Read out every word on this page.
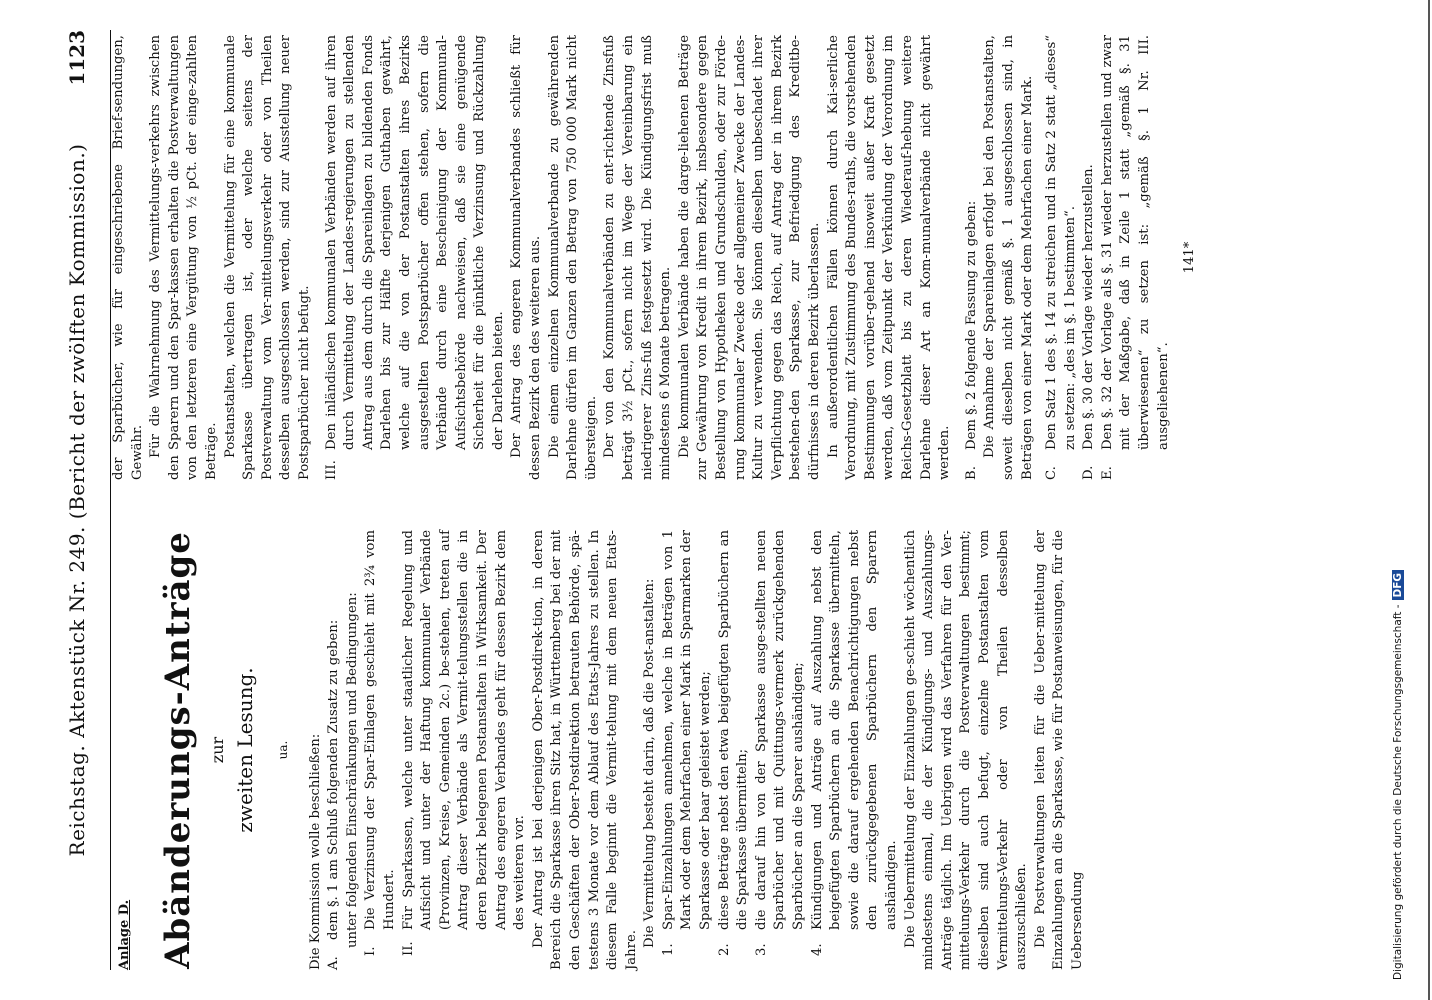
Reichstag. Aktenstück Nr. 249. (Bericht der zwölften Kommission.)
1123
Anlage D. Abänderungs-Anträge zur zweiten Lesung. ua. Die Kommission wolle beschließen: A.
dem §. 1 am Schluß folgenden Zusatz zu geben: unter folgenden Einschränkungen und Bedingungen:

I.
Die Verzinsung der Spar-Einlagen geschieht mit 2¾ vom Hundert.
II.
Für Sparkassen, welche unter staatlicher Regelung und Aufsicht und unter der Haftung kommunaler Verbände (Provinzen, Kreise, Gemeinden 2c.) be-stehen, treten auf Antrag dieser Verbände als Vermit-telungsstellen die in deren Bezirk belegenen Postanstalten in Wirksamkeit. Der Antrag des engeren Verbandes geht für dessen Bezirk dem des weiteren vor. Der Antrag ist bei derjenigen Ober-Postdirek-tion, in deren Bereich die Sparkasse ihren Sitz hat, in Württemberg bei der mit den Geschäften der Ober-Postdirektion betrauten Behörde, spä-testens 3 Monate vor dem Ablauf des Etats-Jahres zu stellen. In diesem Falle beginnt die Vermit-telung mit dem neuen Etats-Jahre.

Die Vermittelung besteht darin, daß die Post-anstalten:

1.
Spar-Einzahlungen annehmen, welche in Beträgen von 1 Mark oder dem Mehrfachen einer Mark in Sparmarken der Sparkasse oder baar geleistet werden;
2.
diese Beträge nebst den etwa beigefügten Sparbüchern an die Sparkasse übermitteln;
3.
die darauf hin von der Sparkasse ausge-stellten neuen Sparbücher und mit Quittungs-vermerk zurückgehenden Sparbücher an die Sparer aushändigen;
4.
Kündigungen und Anträge auf Auszahlung nebst den beigefügten Sparbüchern an die Sparkasse übermitteln, sowie die darauf ergehenden Benachrichtigungen nebst den zurückgegebenen Sparbüchern den Sparern aushändigen. Die Uebermittelung der Einzahlungen ge-schieht wöchentlich mindestens einmal, die der Kündigungs- und Auszahlungs-Anträge täglich. Im Uebrigen wird das Verfahren für den Ver-mittelungs-Verkehr durch die Postverwaltungen bestimmt; dieselben sind auch befugt, einzelne Postanstalten vom Vermittelungs-Verkehr oder von Theilen desselben auszuschließen. Die Postverwaltungen leiten für die Ueber-mittelung der Einzahlungen an die Sparkasse, wie für Postanweisungen, für die Uebersendung

der Sparbücher, wie für eingeschriebene Brief-sendungen, Gewähr. Für die Wahrnehmung des Vermittelungs-verkehrs zwischen den Sparern und den Spar-kassen erhalten die Postverwaltungen von den letzteren eine Vergütung von ½ pCt. der einge-zahlten Beträge. Postanstalten, welchen die Vermittelung für eine kommunale Sparkasse übertragen ist, oder welche seitens der Postverwaltung vom Ver-mittelungsverkehr oder von Theilen desselben ausgeschlossen werden, sind zur Ausstellung neuer Postsparbücher nicht befugt. III.
Den inländischen kommunalen Verbänden werden auf ihren durch Vermittelung der Landes-regierungen zu stellenden Antrag aus dem durch die Spareinlagen zu bildenden Fonds Darlehen bis zur Hälfte derjenigen Guthaben gewährt, welche auf die von der Postanstalten ihres Bezirks ausgestellten Postsparbücher offen stehen, sofern die Verbände durch eine Bescheinigung der Kommunal-Aufsichtsbehörde nachweisen, daß sie eine genügende Sicherheit für die pünktliche Verzinsung und Rückzahlung der Darlehen bieten. Der Antrag des engeren Kommunalverbandes schließt für dessen Bezirk den des weiteren aus. Die einem einzelnen Kommunalverbande zu gewährenden Darlehne dürfen im Ganzen den Betrag von 750 000 Mark nicht übersteigen. Der von den Kommunalverbänden zu ent-richtende Zinsfuß beträgt 3½ pCt., sofern nicht im Wege der Vereinbarung ein niedrigerer Zins-fuß festgesetzt wird. Die Kündigungsfrist muß mindestens 6 Monate betragen. Die kommunalen Verbände haben die darge-liehenen Beträge zur Gewährung von Kredit in ihrem Bezirk, insbesondere gegen Bestellung von Hypotheken und Grundschulden, oder zur Förde-rung kommunaler Zwecke oder allgemeiner Zwecke der Landes-Kultur zu verwenden. Sie können dieselben unbeschadet ihrer Verpflichtung gegen das Reich, auf Antrag der in ihrem Bezirk bestehen-den Sparkasse, zur Befriedigung des Kreditbe-dürfnisses in deren Bezirk überlassen. In außerordentlichen Fällen können durch Kai-serliche Verordnung, mit Zustimmung des Bundes-raths, die vorstehenden Bestimmungen vorüber-gehend insoweit außer Kraft gesetzt werden, daß vom Zeitpunkt der Verkündung der Verordnung im Reichs-Gesetzblatt bis zu deren Wiederauf-hebung weitere Darlehne dieser Art an Kom-munalverbände nicht gewährt werden. B.
Dem §. 2 folgende Fassung zu geben: Die Annahme der Spareinlagen erfolgt bei den Postanstalten, soweit dieselben nicht gemäß §. 1 ausgeschlossen sind, in Beträgen von einer Mark oder dem Mehrfachen einer Mark. C.
Den Satz 1 des §. 14 zu streichen und in Satz 2 statt „dieses“ zu setzen: „des im §. 1 bestimmten“.
D.
Den §. 30 der Vorlage wieder herzustellen.
E.
Den §. 32 der Vorlage als §. 31 wieder herzustellen und zwar mit der Maßgabe, daß in Zeile 1 statt „gemäß §. 31 überwiesenen“ zu setzen ist: „gemäß §. 1 Nr. III. ausgeliehenen“.
141*
Digitalisierung gefördert durch die Deutsche Forschungsgemeinschaft -DFG
